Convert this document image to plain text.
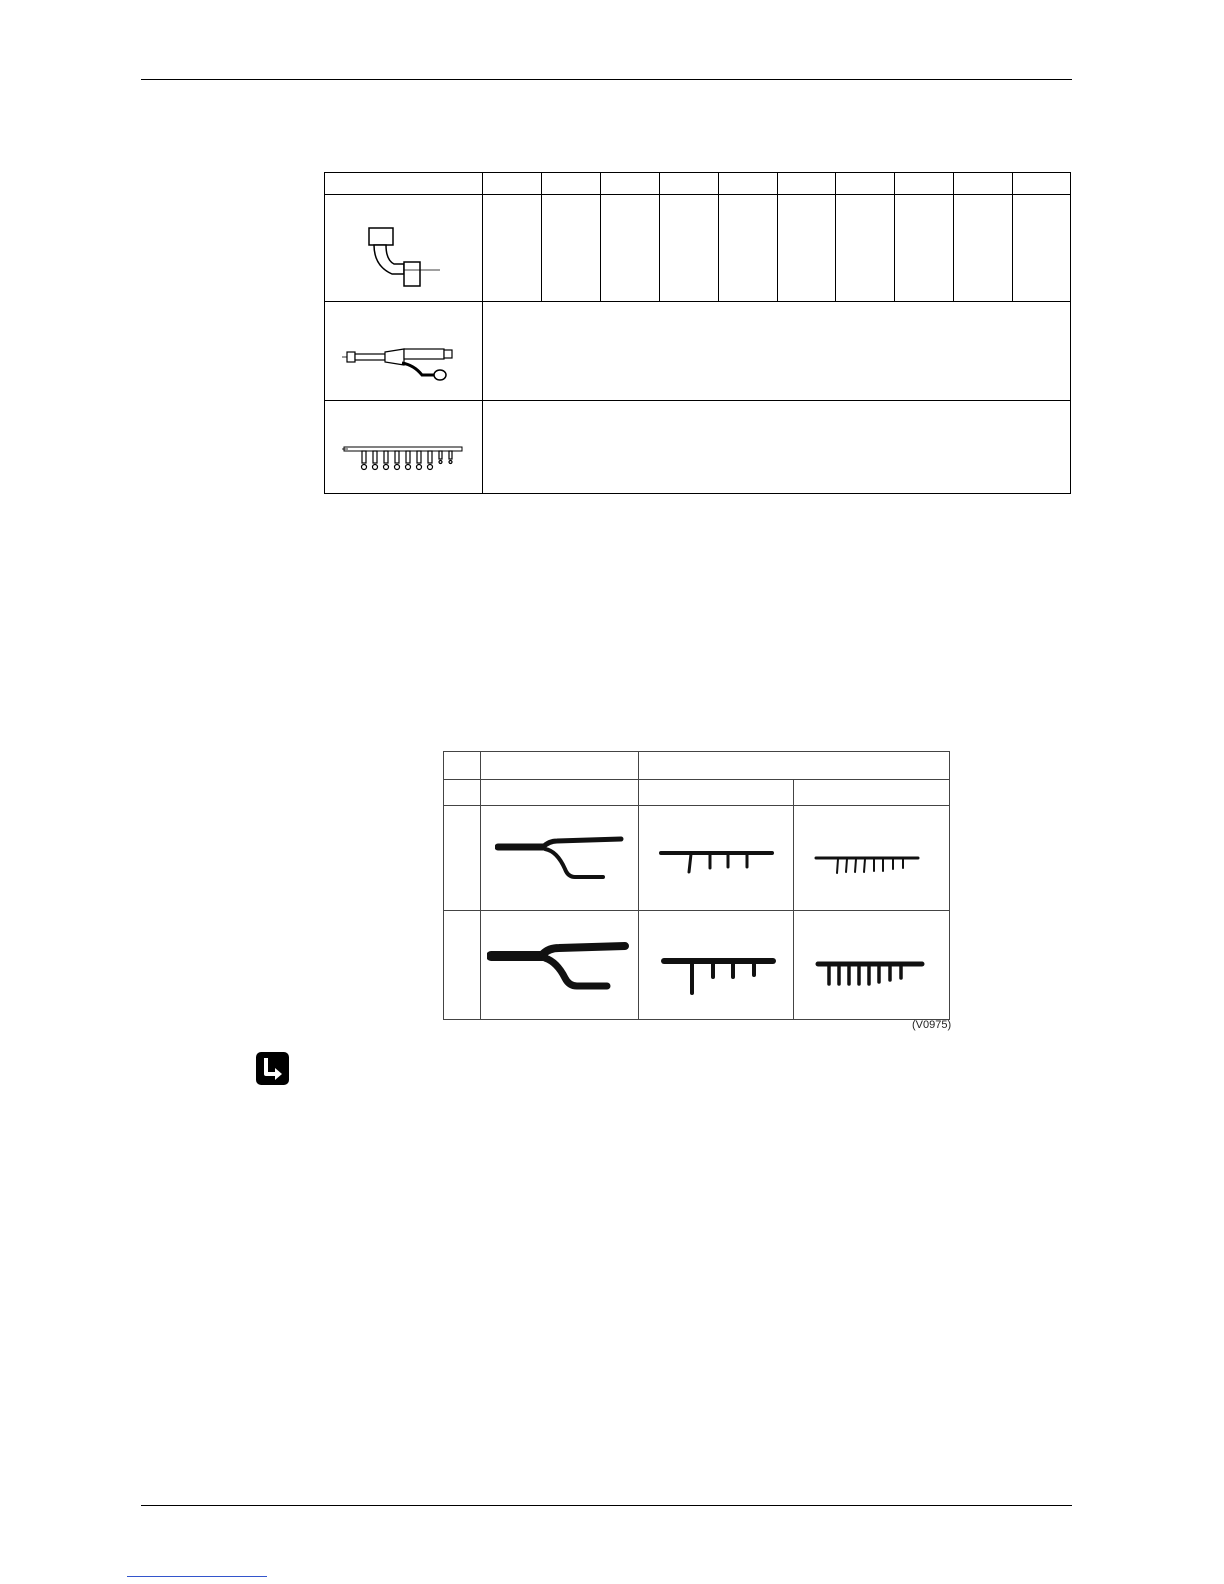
(V0975)
